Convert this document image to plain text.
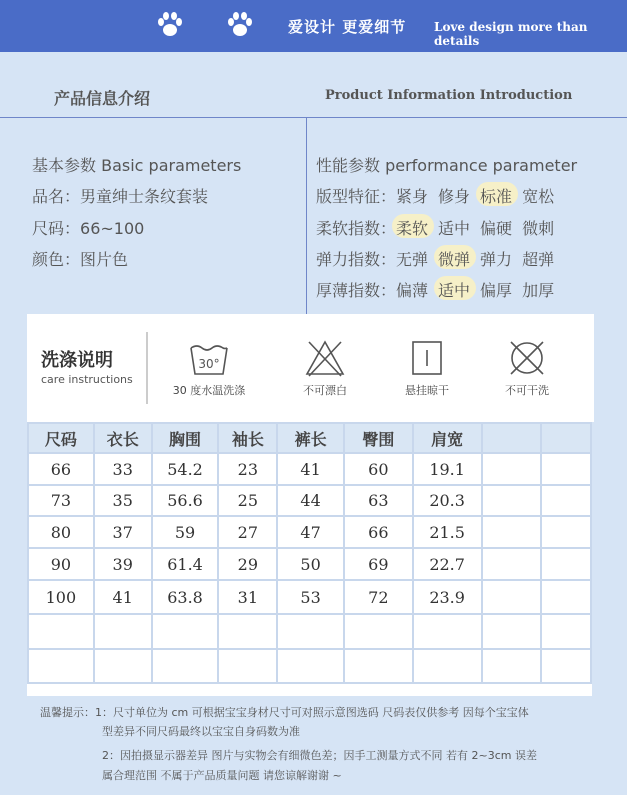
爱设计 更爱细节 Love design more than details
产品信息介绍	Product Information Introduction
基本参数 Basic parameters
品名：男童绅士条纹套装
尺码：66~100
颜色：图片色
性能参数 performance parameter
版型特征：紧身 修身 标准 宽松
柔软指数：柔软 适中 偏硬 微刺
弹力指数：无弹 微弹 弹力 超弹
厚薄指数：偏薄 适中 偏厚 加厚
洗涤说明
care instructions
30°
30 度水温洗涤	不可漂白	悬挂晾干	不可干洗
尺码	衣长	胸围	袖长	裤长	臀围	肩宽		
66	33	54.2	23	41	60	19.1		
73	35	56.6	25	44	63	20.3		
80	37	59	27	47	66	21.5		
90	39	61.4	29	50	69	22.7		
100	41	63.8	31	53	72	23.9		

温馨提示：1：尺寸单位为 cm 可根据宝宝身材尺寸可对照示意图选码 尺码表仅供参考 因每个宝宝体
型差异不同尺码最终以宝宝自身码数为准
2：因拍摄显示器差异 图片与实物会有细微色差；因手工测量方式不同 若有 2~3cm 误差
属合理范围 不属于产品质量问题 请您谅解谢谢 ~
